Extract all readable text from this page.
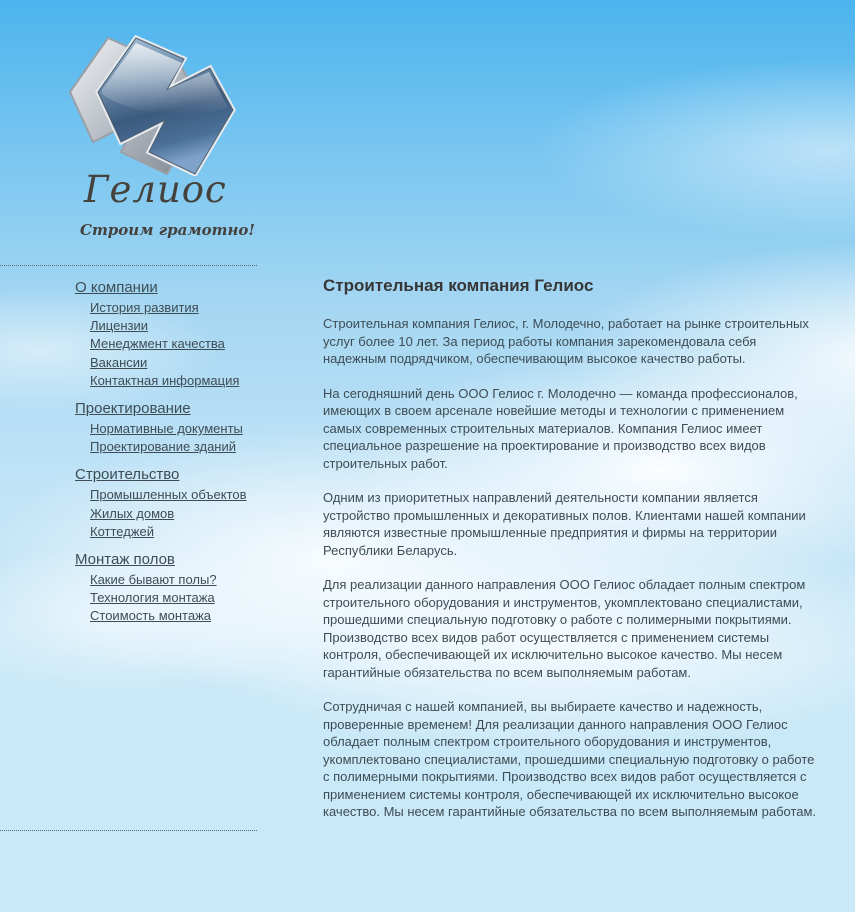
Гелиос
Строим грамотно!
О компании
История развития
Лицензии
Менеджмент качества
Вакансии
Контактная информация
Проектирование
Нормативные документы
Проектирование зданий
Строительство
Промышленных объектов
Жилых домов
Коттеджей
Монтаж полов
Какие бывают полы?
Технология монтажа
Стоимость монтажа
Строительная компания Гелиос

Строительная компания Гелиос, г. Молодечно, работает на рынке строительных услуг более 10 лет. За период работы компания зарекомендовала себя надежным подрядчиком, обеспечивающим высокое качество работы.

На сегодняшний день ООО Гелиос г. Молодечно — команда профессионалов, имеющих в своем арсенале новейшие методы и технологии с применением самых современных строительных материалов. Компания Гелиос имеет специальное разрешение на проектирование и производство всех видов строительных работ.

Одним из приоритетных направлений деятельности компании является устройство промышленных и декоративных полов. Клиентами нашей компании являются известные промышленные предприятия и фирмы на территории Республики Беларусь.

Для реализации данного направления ООО Гелиос обладает полным спектром строительного оборудования и инструментов, укомплектовано специалистами, прошедшими специальную подготовку о работе с полимерными покрытиями. Производство всех видов работ осуществляется с применением системы контроля, обеспечивающей их исключительно высокое качество. Мы несем гарантийные обязательства по всем выполняемым работам.

Сотрудничая с нашей компанией, вы выбираете качество и надежность, проверенные временем! Для реализации данного направления ООО Гелиос обладает полным спектром строительного оборудования и инструментов, укомплектовано специалистами, прошедшими специальную подготовку о работе с полимерными покрытиями. Производство всех видов работ осуществляется с применением системы контроля, обеспечивающей их исключительно высокое качество. Мы несем гарантийные обязательства по всем выполняемым работам.
